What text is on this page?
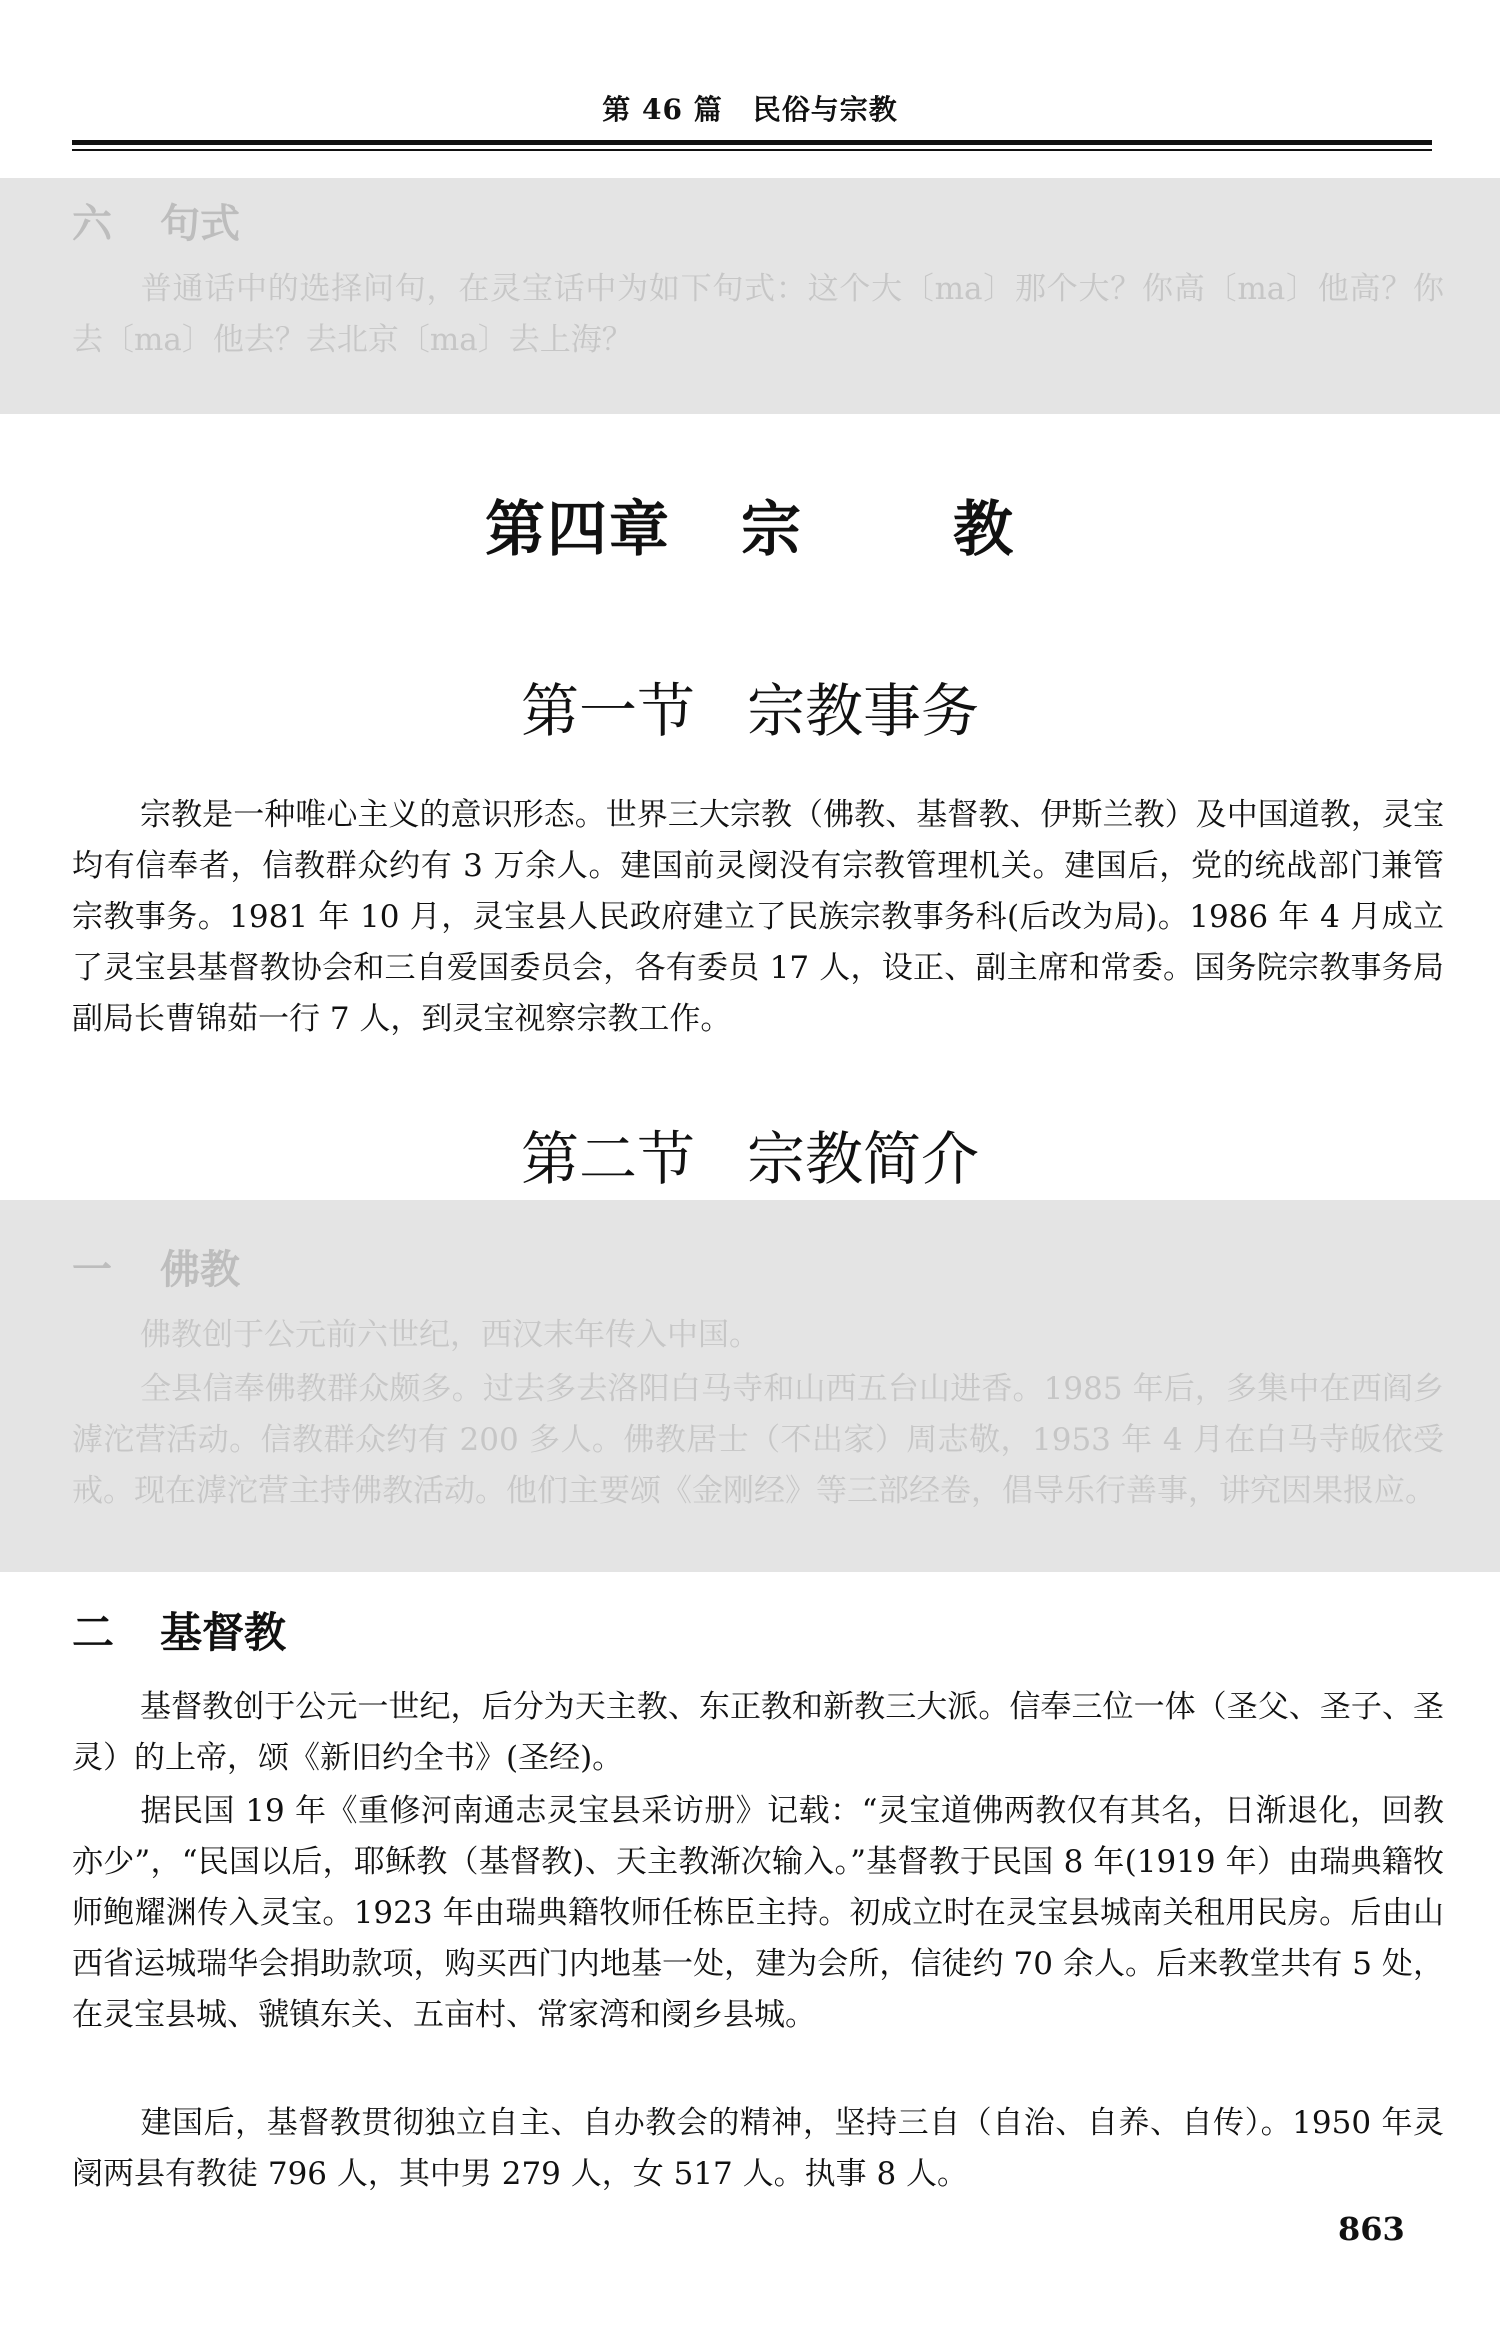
第 46 篇 民俗与宗教
六 句式
普通话中的选择问句，在灵宝话中为如下句式：这个大〔ma〕那个大？你高〔ma〕他高？你去〔ma〕他去？去北京〔ma〕去上海？
第四章 宗	教
第一节 宗教事务
宗教是一种唯心主义的意识形态。世界三大宗教（佛教、基督教、伊斯兰教）及中国道教，灵宝均有信奉者，信教群众约有 3 万余人。建国前灵阌没有宗教管理机关。建国后，党的统战部门兼管宗教事务。1981 年 10 月，灵宝县人民政府建立了民族宗教事务科(后改为局)。1986 年 4 月成立了灵宝县基督教协会和三自爱国委员会，各有委员 17 人，设正、副主席和常委。国务院宗教事务局副局长曹锦茹一行 7 人，到灵宝视察宗教工作。
第二节 宗教简介
一 佛教
佛教创于公元前六世纪，西汉末年传入中国。
全县信奉佛教群众颇多。过去多去洛阳白马寺和山西五台山进香。1985 年后，多集中在西阎乡滹沱营活动。信教群众约有 200 多人。佛教居士（不出家）周志敬，1953 年 4 月在白马寺皈依受戒。现在滹沱营主持佛教活动。他们主要颂《金刚经》等三部经卷，倡导乐行善事，讲究因果报应。
二 基督教
基督教创于公元一世纪，后分为天主教、东正教和新教三大派。信奉三位一体（圣父、圣子、圣灵）的上帝，颂《新旧约全书》(圣经)。
据民国 19 年《重修河南通志灵宝县采访册》记载：“灵宝道佛两教仅有其名，日渐退化，回教亦少”，“民国以后，耶稣教（基督教)、天主教渐次输入。”基督教于民国 8 年(1919 年）由瑞典籍牧师鲍耀渊传入灵宝。1923 年由瑞典籍牧师任栋臣主持。初成立时在灵宝县城南关租用民房。后由山西省运城瑞华会捐助款项，购买西门内地基一处，建为会所，信徒约 70 余人。后来教堂共有 5 处，在灵宝县城、虢镇东关、五亩村、常家湾和阌乡县城。
建国后，基督教贯彻独立自主、自办教会的精神，坚持三自（自治、自养、自传）。1950 年灵阌两县有教徒 796 人，其中男 279 人，女 517 人。执事 8 人。
863
